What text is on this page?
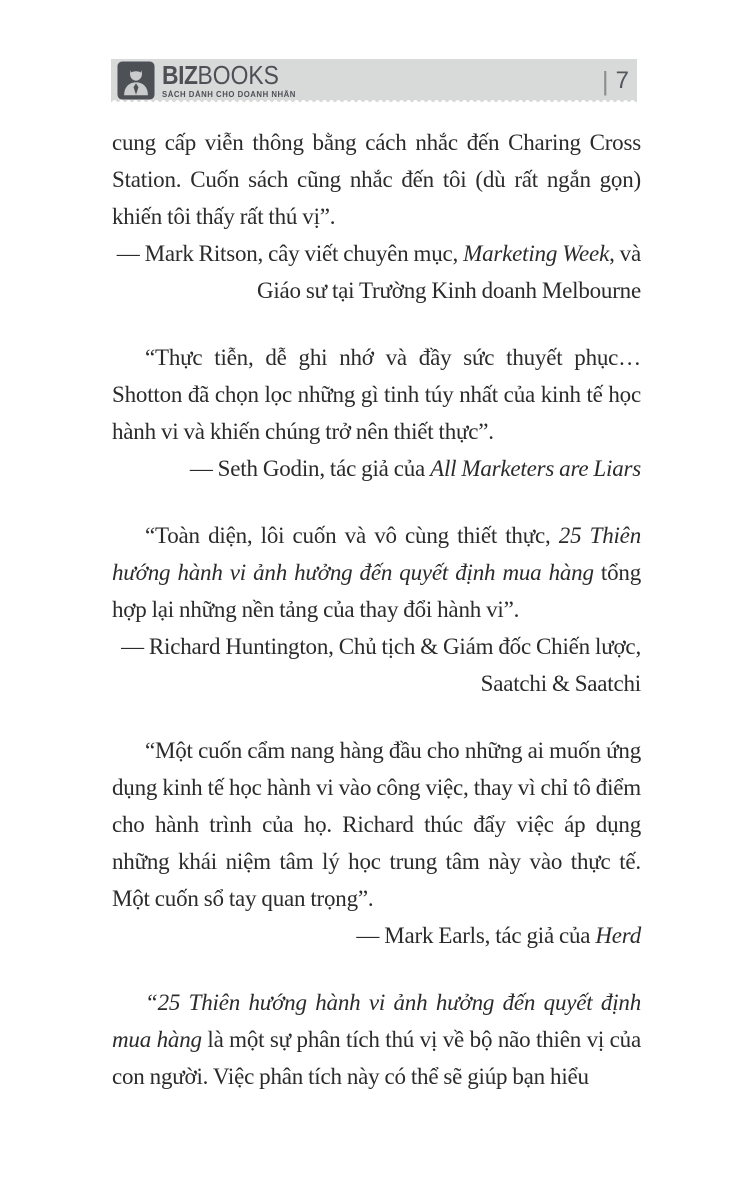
BIZBOOKS
SÁCH DÀNH CHO DOANH NHÂN	| 7

cung cấp viễn thông bằng cách nhắc đến Charing Cross Station. Cuốn sách cũng nhắc đến tôi (dù rất ngắn gọn) khiến tôi thấy rất thú vị”.

— Mark Ritson, cây viết chuyên mục, Marketing Week, và Giáo sư tại Trường Kinh doanh Melbourne

“Thực tiễn, dễ ghi nhớ và đầy sức thuyết phục… Shotton đã chọn lọc những gì tinh túy nhất của kinh tế học hành vi và khiến chúng trở nên thiết thực”.

— Seth Godin, tác giả của All Marketers are Liars

“Toàn diện, lôi cuốn và vô cùng thiết thực, 25 Thiên hướng hành vi ảnh hưởng đến quyết định mua hàng tổng hợp lại những nền tảng của thay đổi hành vi”.

— Richard Huntington, Chủ tịch & Giám đốc Chiến lược, Saatchi & Saatchi

“Một cuốn cẩm nang hàng đầu cho những ai muốn ứng dụng kinh tế học hành vi vào công việc, thay vì chỉ tô điểm cho hành trình của họ. Richard thúc đẩy việc áp dụng những khái niệm tâm lý học trung tâm này vào thực tế. Một cuốn sổ tay quan trọng”.

— Mark Earls, tác giả của Herd

“25 Thiên hướng hành vi ảnh hưởng đến quyết định mua hàng là một sự phân tích thú vị về bộ não thiên vị của con người. Việc phân tích này có thể sẽ giúp bạn hiểu
